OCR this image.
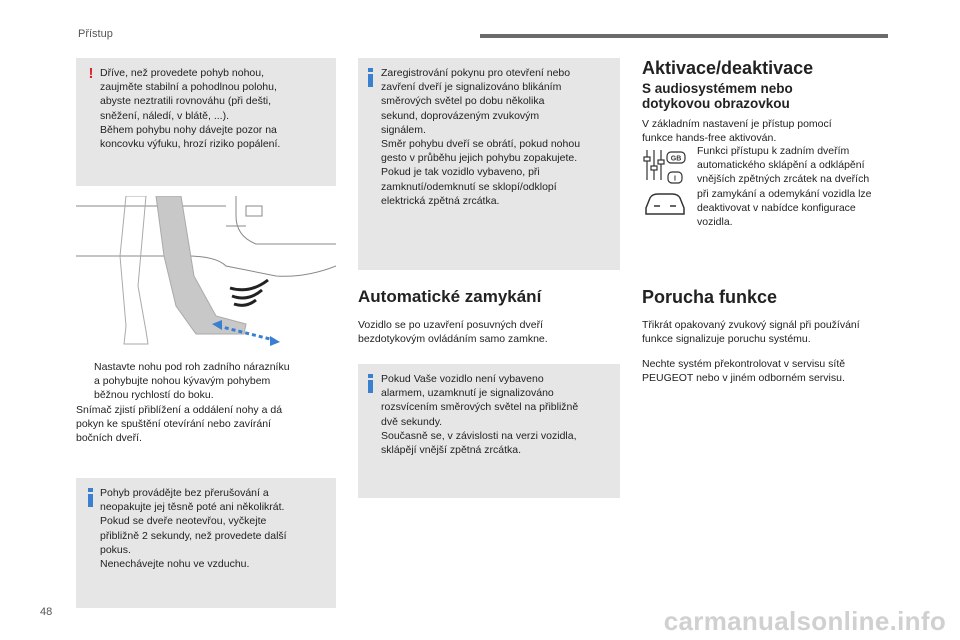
Přístup
! Dříve, než provedete pohyb nohou,

zaujměte stabilní a pohodlnou polohu,

abyste neztratili rovnováhu (při dešti,

sněžení, náledí, v blátě, ...).

Během pohybu nohy dávejte pozor na

koncovku výfuku, hrozí riziko popálení.

Nastavte nohu pod roh zadního nárazníku

a pohybujte nohou kývavým pohybem

běžnou rychlostí do boku.

Snímač zjistí přiblížení a oddálení nohy a dá

pokyn ke spuštění otevírání nebo zavírání

bočních dveří.

Pohyb provádějte bez přerušování a

neopakujte jej těsně poté ani několikrát.

Pokud se dveře neotevřou, vyčkejte

přibližně 2 sekundy, než provedete další

pokus.

Nenechávejte nohu ve vzduchu.

Zaregistrování pokynu pro otevření nebo

zavření dveří je signalizováno blikáním

směrových světel po dobu několika

sekund, doprovázeným zvukovým

signálem.

Směr pohybu dveří se obrátí, pokud nohou

gesto v průběhu jejich pohybu zopakujete.

Pokud je tak vozidlo vybaveno, při

zamknutí/odemknutí se sklopí/odklopí

elektrická zpětná zrcátka.

Automatické zamykání

Vozidlo se po uzavření posuvných dveří

bezdotykovým ovládáním samo zamkne.

Pokud Vaše vozidlo není vybaveno

alarmem, uzamknutí je signalizováno

rozsvícením směrových světel na přibližně

dvě sekundy.

Současně se, v závislosti na verzi vozidla,

sklápějí vnější zpětná zrcátka.

Aktivace/deaktivace
S audiosystémem nebo
dotykovou obrazovkou

V základním nastavení je přístup pomocí

funkce hands-free aktivován.

GB
I

Funkci přístupu k zadním dveřím

automatického sklápění a odklápění

vnějších zpětných zrcátek na dveřích

při zamykání a odemykání vozidla lze

deaktivovat v nabídce konfigurace

vozidla.

Porucha funkce

Třikrát opakovaný zvukový signál při používání

funkce signalizuje poruchu systému.

Nechte systém překontrolovat v servisu sítě

PEUGEOT nebo v jiném odborném servisu.

48	carmanualsonline.info
